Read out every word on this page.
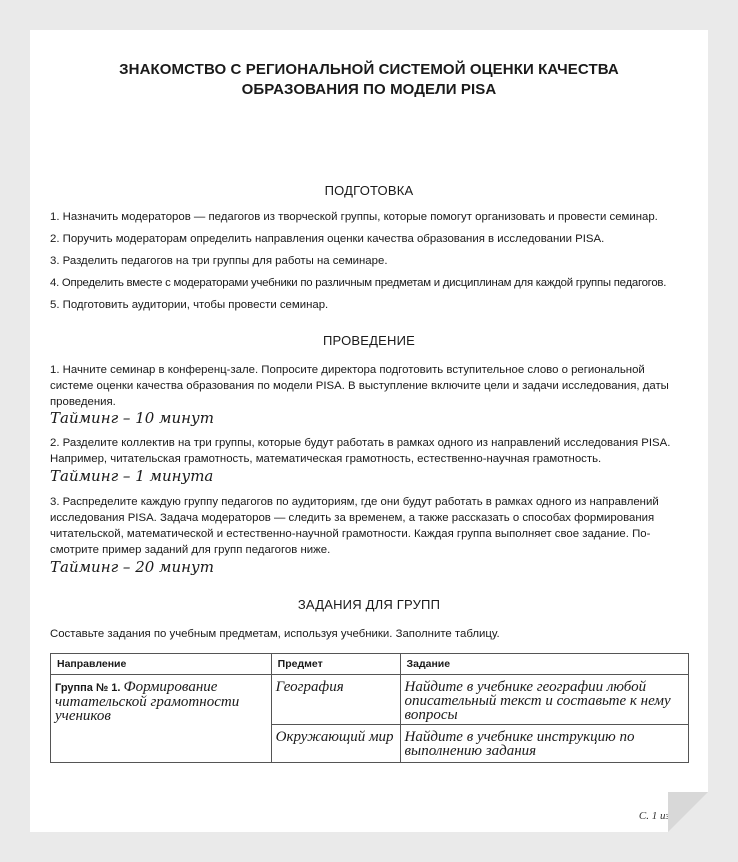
ЗНАКОМСТВО С РЕГИОНАЛЬНОЙ СИСТЕМОЙ ОЦЕНКИ КАЧЕСТВА
ОБРАЗОВАНИЯ ПО МОДЕЛИ PISA
ПОДГОТОВКА
1. Назначить модераторов — педагогов из творческой группы, которые помогут организовать и провести семинар.
2. Поручить модераторам определить направления оценки качества образования в исследовании PISA.
3. Разделить педагогов на три группы для работы на семинаре.
4. Определить вместе с модераторами учебники по различным предметам и дисциплинам для каждой группы педагогов.
5. Подготовить аудитории, чтобы провести семинар.
ПРОВЕДЕНИЕ
1. Начните семинар в конференц-зале. Попросите директора подготовить вступительное слово о региональной системе оценки качества образования по модели PISA. В выступление включите цели и задачи исследования, даты проведения.
Тайминг – 10 минут
2. Разделите коллектив на три группы, которые будут работать в рамках одного из направлений исследования PISA. Например, читательская грамотность, математическая грамотность, естественно-научная грамотность.
Тайминг – 1 минута
3. Распределите каждую группу педагогов по аудиториям, где они будут работать в рамках одного из направлений исследования PISA. Задача модераторов — следить за временем, а также рассказать о способах формирования читательской, математической и естественно-научной грамотности. Каждая группа выполняет свое задание. По-смотрите пример заданий для групп педагогов ниже.
Тайминг – 20 минут
ЗАДАНИЯ ДЛЯ ГРУПП
Составьте задания по учебным предметам, используя учебники. Заполните таблицу.
Направление	Предмет	Задание

Группа № 1. Формирование читательской грамотности учеников	География	Найдите в учебнике географии любой описательный текст и составьте к нему вопросы

	Окружающий мир	Найдите в учебнике инструкцию по выполнению задания
С. 1 из 2
